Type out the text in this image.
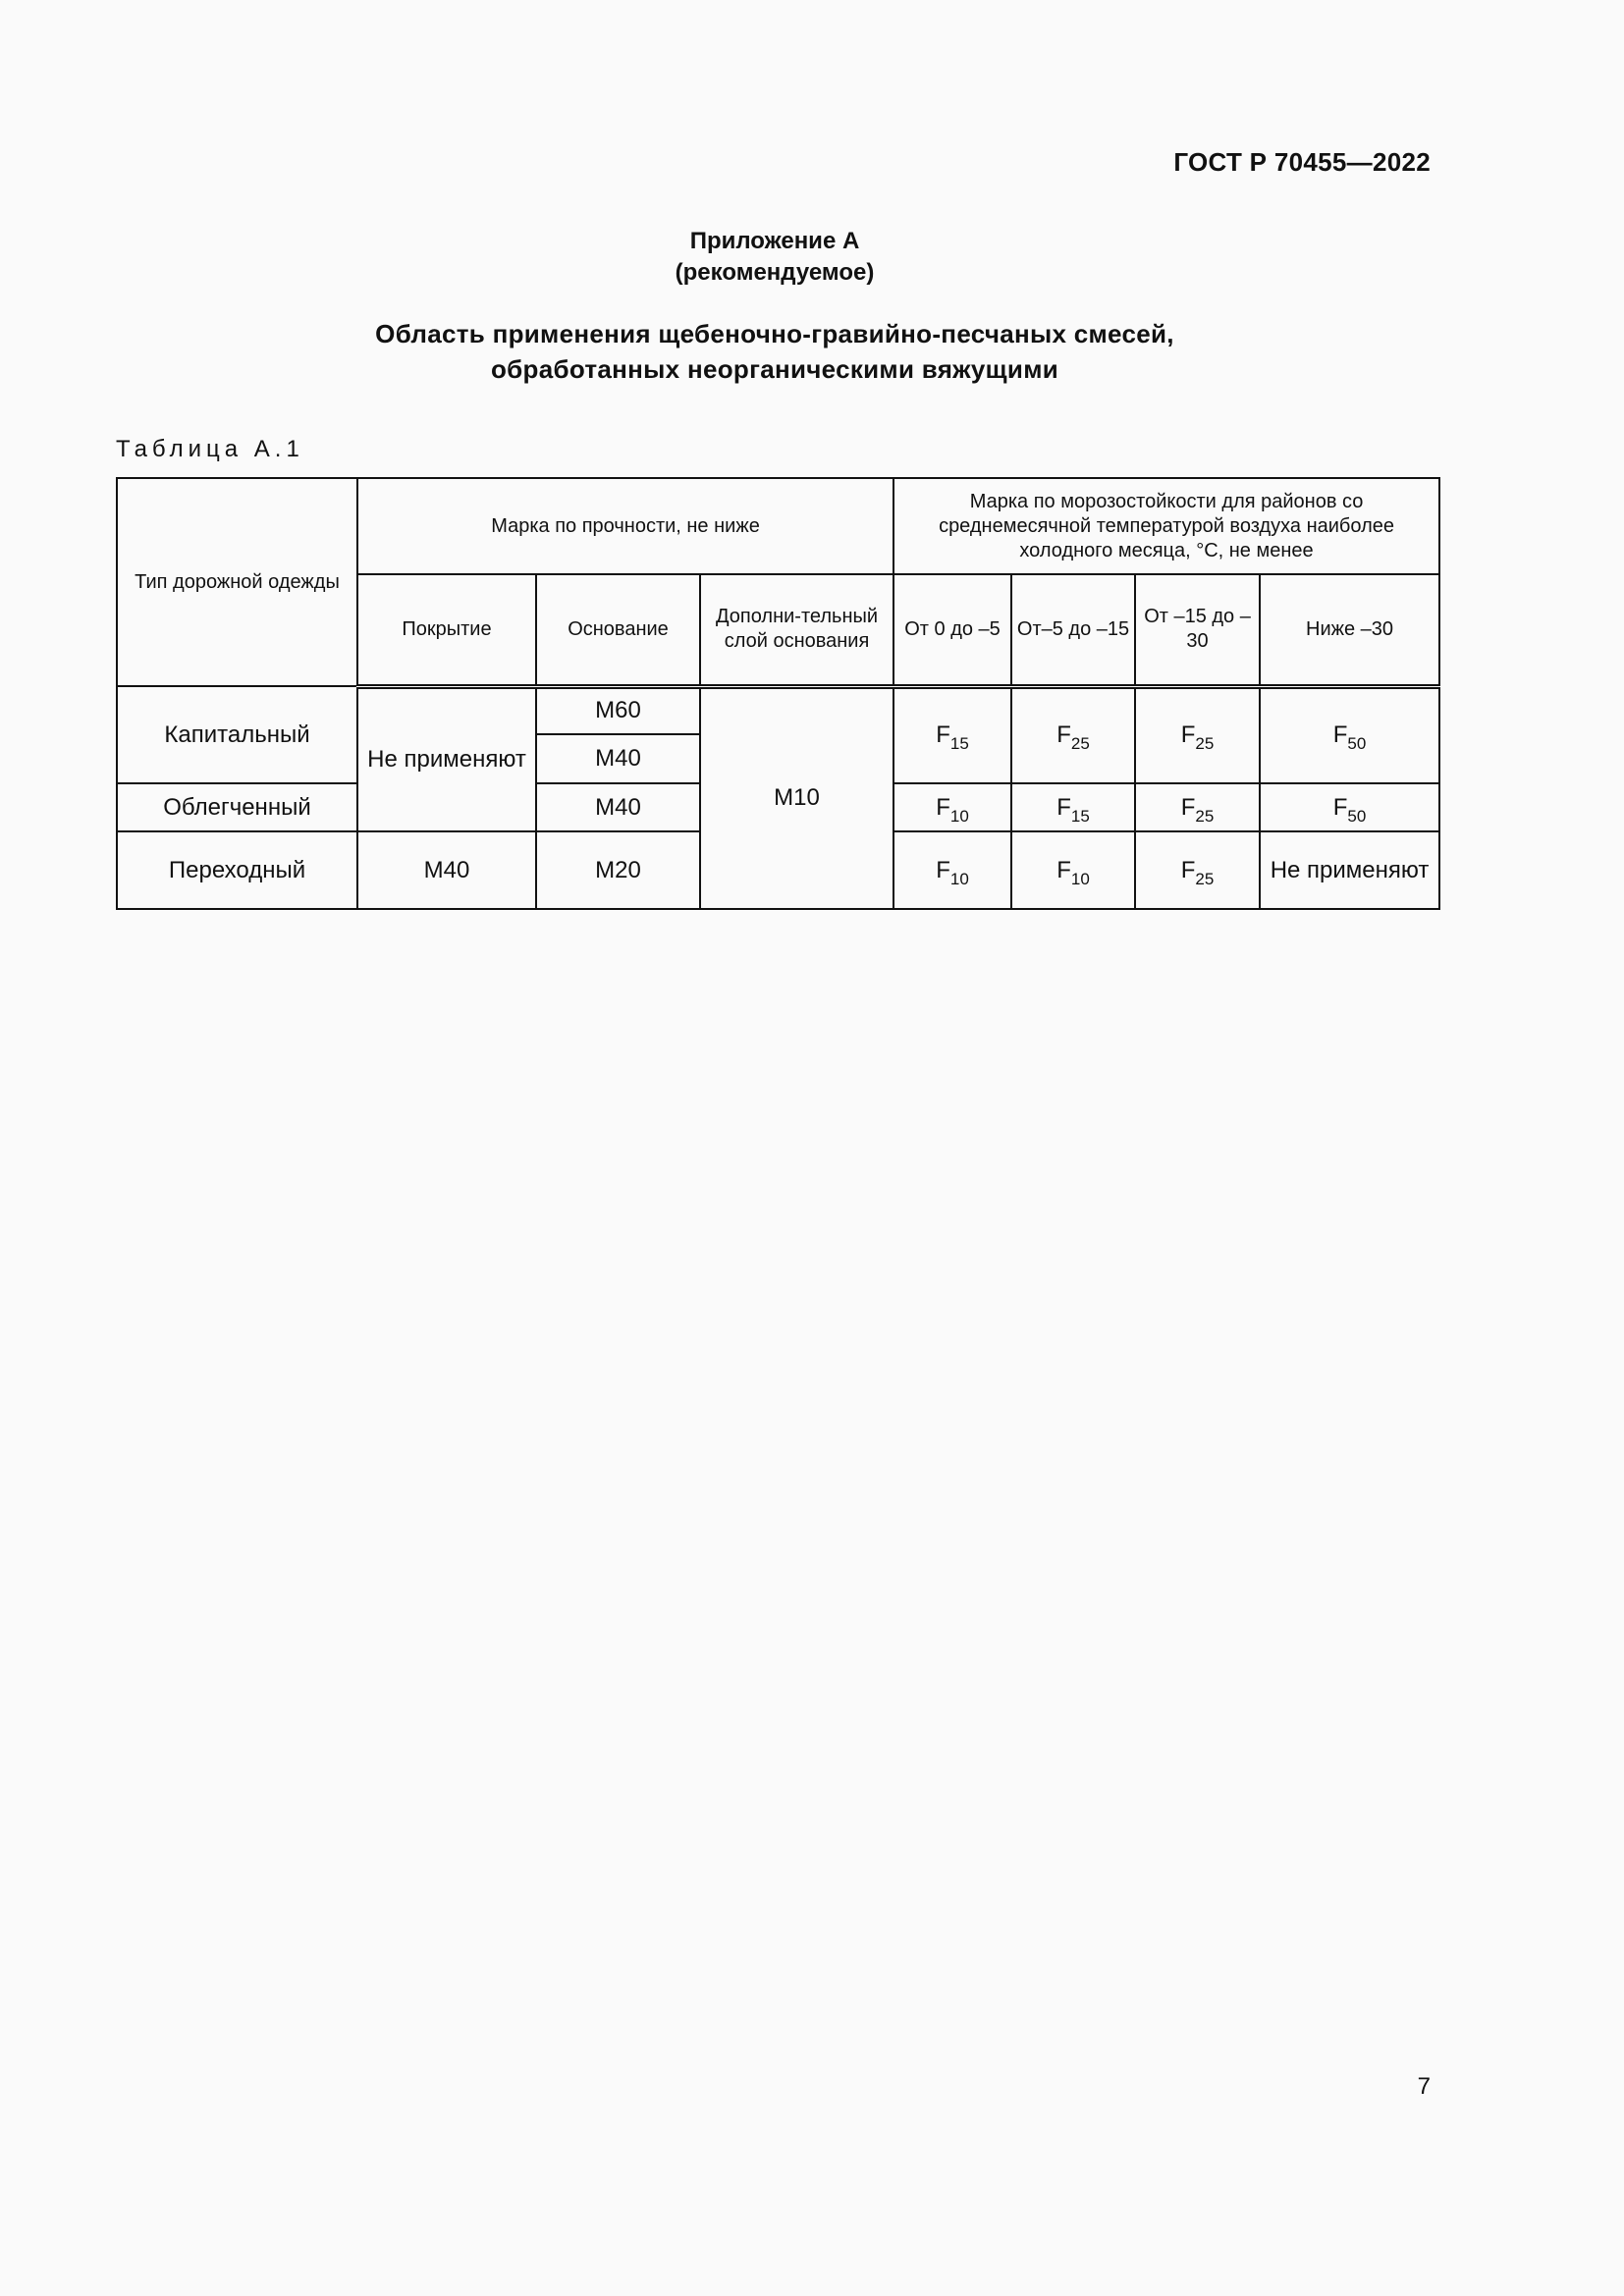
ГОСТ Р 70455—2022
Приложение А
(рекомендуемое)
Область применения щебеночно-гравийно-песчаных смесей,
обработанных неорганическими вяжущими
Таблица А.1
Тип дорожной одежды	Марка по прочности, не ниже			Марка по морозостойкости для районов со среднемесячной температурой воздуха наиболее холодного месяца, °С, не менее			
	Покрытие	Основание	Дополни-тельный слой основания	От 0 до –5	От–5 до –15	От –15 до –30	Ниже –30
Капитальный	Не применяют	М60	М10	$F_{15}$	$F_{25}$	$F_{25}$	$F_{50}$
		М40					
Облегченный		М40		$F_{10}$	$F_{15}$	$F_{25}$	$F_{50}$
Переходный	М40	М20		$F_{10}$	$F_{10}$	$F_{25}$	Не применяют
7
